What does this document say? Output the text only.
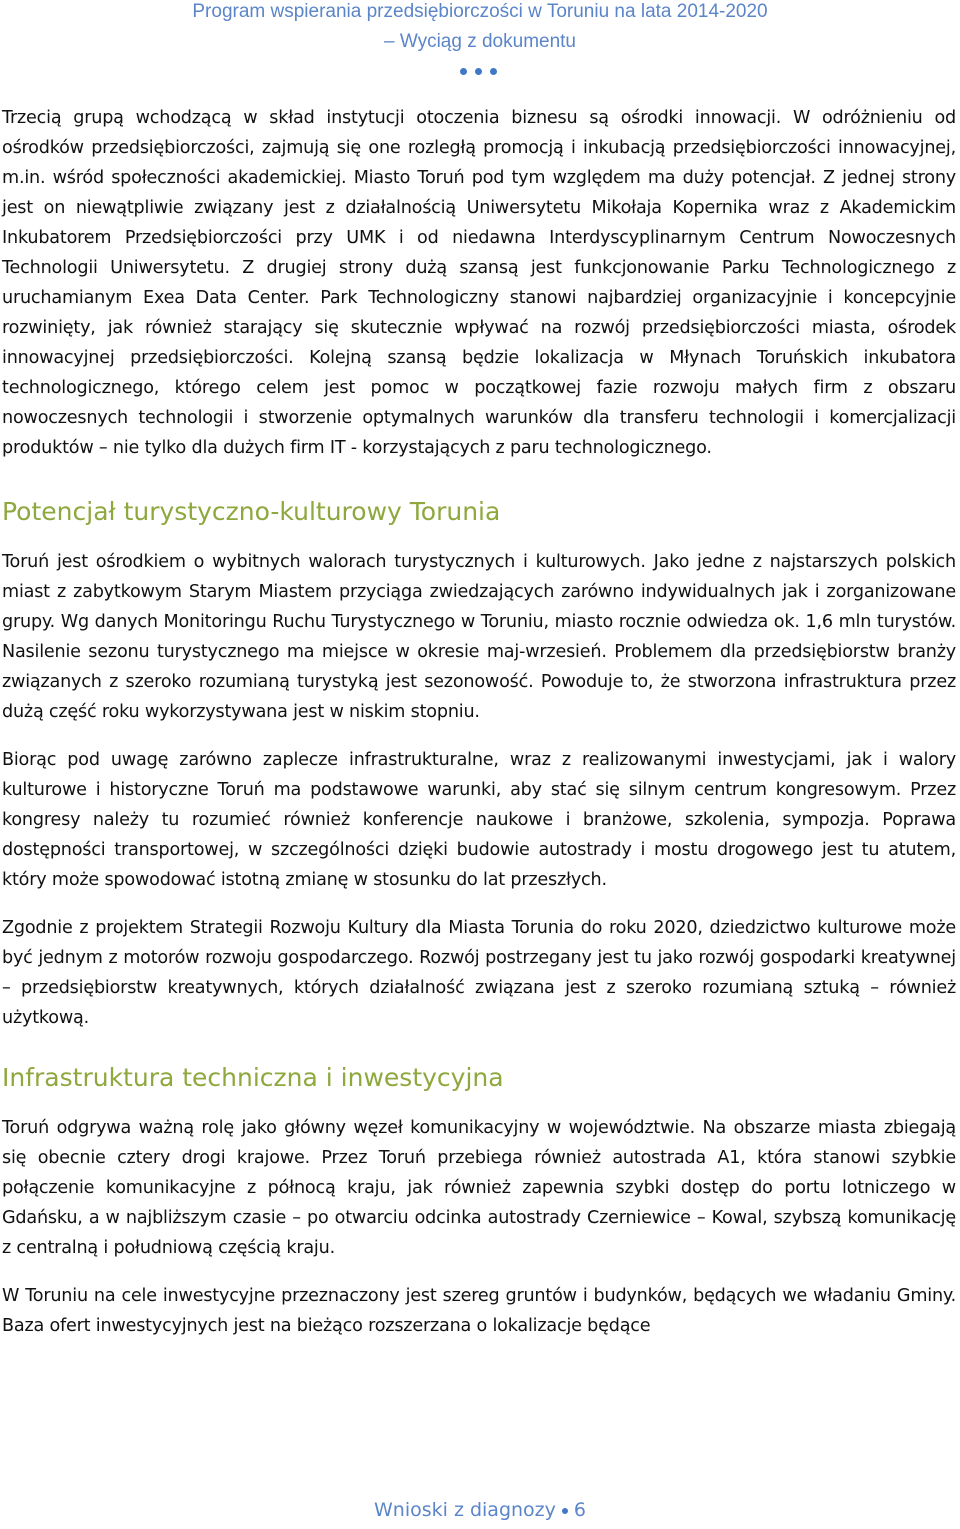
Program wspierania przedsiębiorczości w Toruniu na lata 2014-2020
– Wyciąg z dokumentu

Trzecią grupą wchodzącą w skład instytucji otoczenia biznesu są ośrodki innowacji. W odróżnieniu od ośrodków przedsiębiorczości, zajmują się one rozległą promocją i inkubacją przedsiębiorczości innowacyjnej, m.in. wśród społeczności akademickiej. Miasto Toruń pod tym względem ma duży potencjał. Z jednej strony jest on niewątpliwie związany jest z działalnością Uniwersytetu Mikołaja Kopernika wraz z Akademickim Inkubatorem Przedsiębiorczości przy UMK i od niedawna Interdyscyplinarnym Centrum Nowoczesnych Technologii Uniwersytetu. Z drugiej strony dużą szansą jest funkcjonowanie Parku Technologicznego z uruchamianym Exea Data Center. Park Technologiczny stanowi najbardziej organizacyjnie i koncepcyjnie rozwinięty, jak również starający się skutecznie wpływać na rozwój przedsiębiorczości miasta, ośrodek innowacyjnej przedsiębiorczości. Kolejną szansą będzie lokalizacja w Młynach Toruńskich inkubatora technologicznego, którego celem jest pomoc w początkowej fazie rozwoju małych firm z obszaru nowoczesnych technologii i stworzenie optymalnych warunków dla transferu technologii i komercjalizacji produktów – nie tylko dla dużych firm IT - korzystających z paru technologicznego.

Potencjał turystyczno-kulturowy Torunia

Toruń jest ośrodkiem o wybitnych walorach turystycznych i kulturowych. Jako jedne z najstarszych polskich miast z zabytkowym Starym Miastem przyciąga zwiedzających zarówno indywidualnych jak i zorganizowane grupy. Wg danych Monitoringu Ruchu Turystycznego w Toruniu, miasto rocznie odwiedza ok. 1,6 mln turystów. Nasilenie sezonu turystycznego ma miejsce w okresie maj-wrzesień. Problemem dla przedsiębiorstw branży związanych z szeroko rozumianą turystyką jest sezonowość. Powoduje to, że stworzona infrastruktura przez dużą część roku wykorzystywana jest w niskim stopniu.

Biorąc pod uwagę zarówno zaplecze infrastrukturalne, wraz z realizowanymi inwestycjami, jak i walory kulturowe i historyczne Toruń ma podstawowe warunki, aby stać się silnym centrum kongresowym. Przez kongresy należy tu rozumieć również konferencje naukowe i branżowe, szkolenia, sympozja. Poprawa dostępności transportowej, w szczególności dzięki budowie autostrady i mostu drogowego jest tu atutem, który może spowodować istotną zmianę w stosunku do lat przeszłych.

Zgodnie z projektem Strategii Rozwoju Kultury dla Miasta Torunia do roku 2020, dziedzictwo kulturowe może być jednym z motorów rozwoju gospodarczego. Rozwój postrzegany jest tu jako rozwój gospodarki kreatywnej – przedsiębiorstw kreatywnych, których działalność związana jest z szeroko rozumianą sztuką – również użytkową.

Infrastruktura techniczna i inwestycyjna

Toruń odgrywa ważną rolę jako główny węzeł komunikacyjny w województwie. Na obszarze miasta zbiegają się obecnie cztery drogi krajowe. Przez Toruń przebiega również autostrada A1, która stanowi szybkie połączenie komunikacyjne z północą kraju, jak również zapewnia szybki dostęp do portu lotniczego w Gdańsku, a w najbliższym czasie – po otwarciu odcinka autostrady Czerniewice – Kowal, szybszą komunikację z centralną i południową częścią kraju.

W Toruniu na cele inwestycyjne przeznaczony jest szereg gruntów i budynków, będących we władaniu Gminy. Baza ofert inwestycyjnych jest na bieżąco rozszerzana o lokalizacje będące

Wnioski z diagnozy 6
